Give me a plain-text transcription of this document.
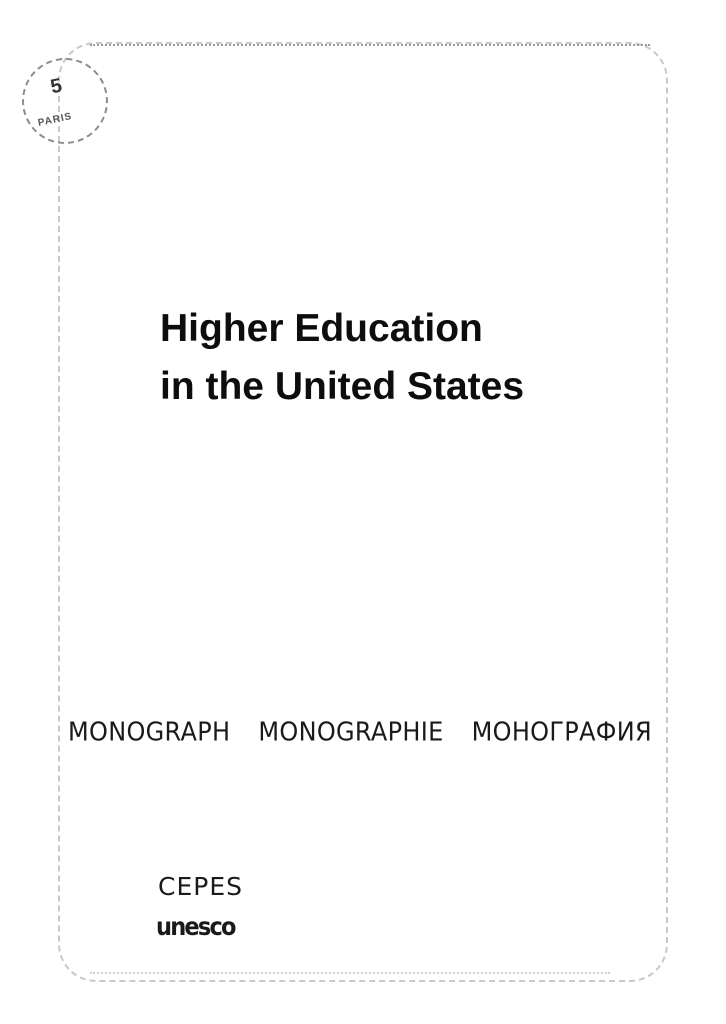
5
PARIS
Higher Education
in the United States
MONOGRAPH MONOGRAPHIE МОНОГРАФИЯ
CEPES
unesco
